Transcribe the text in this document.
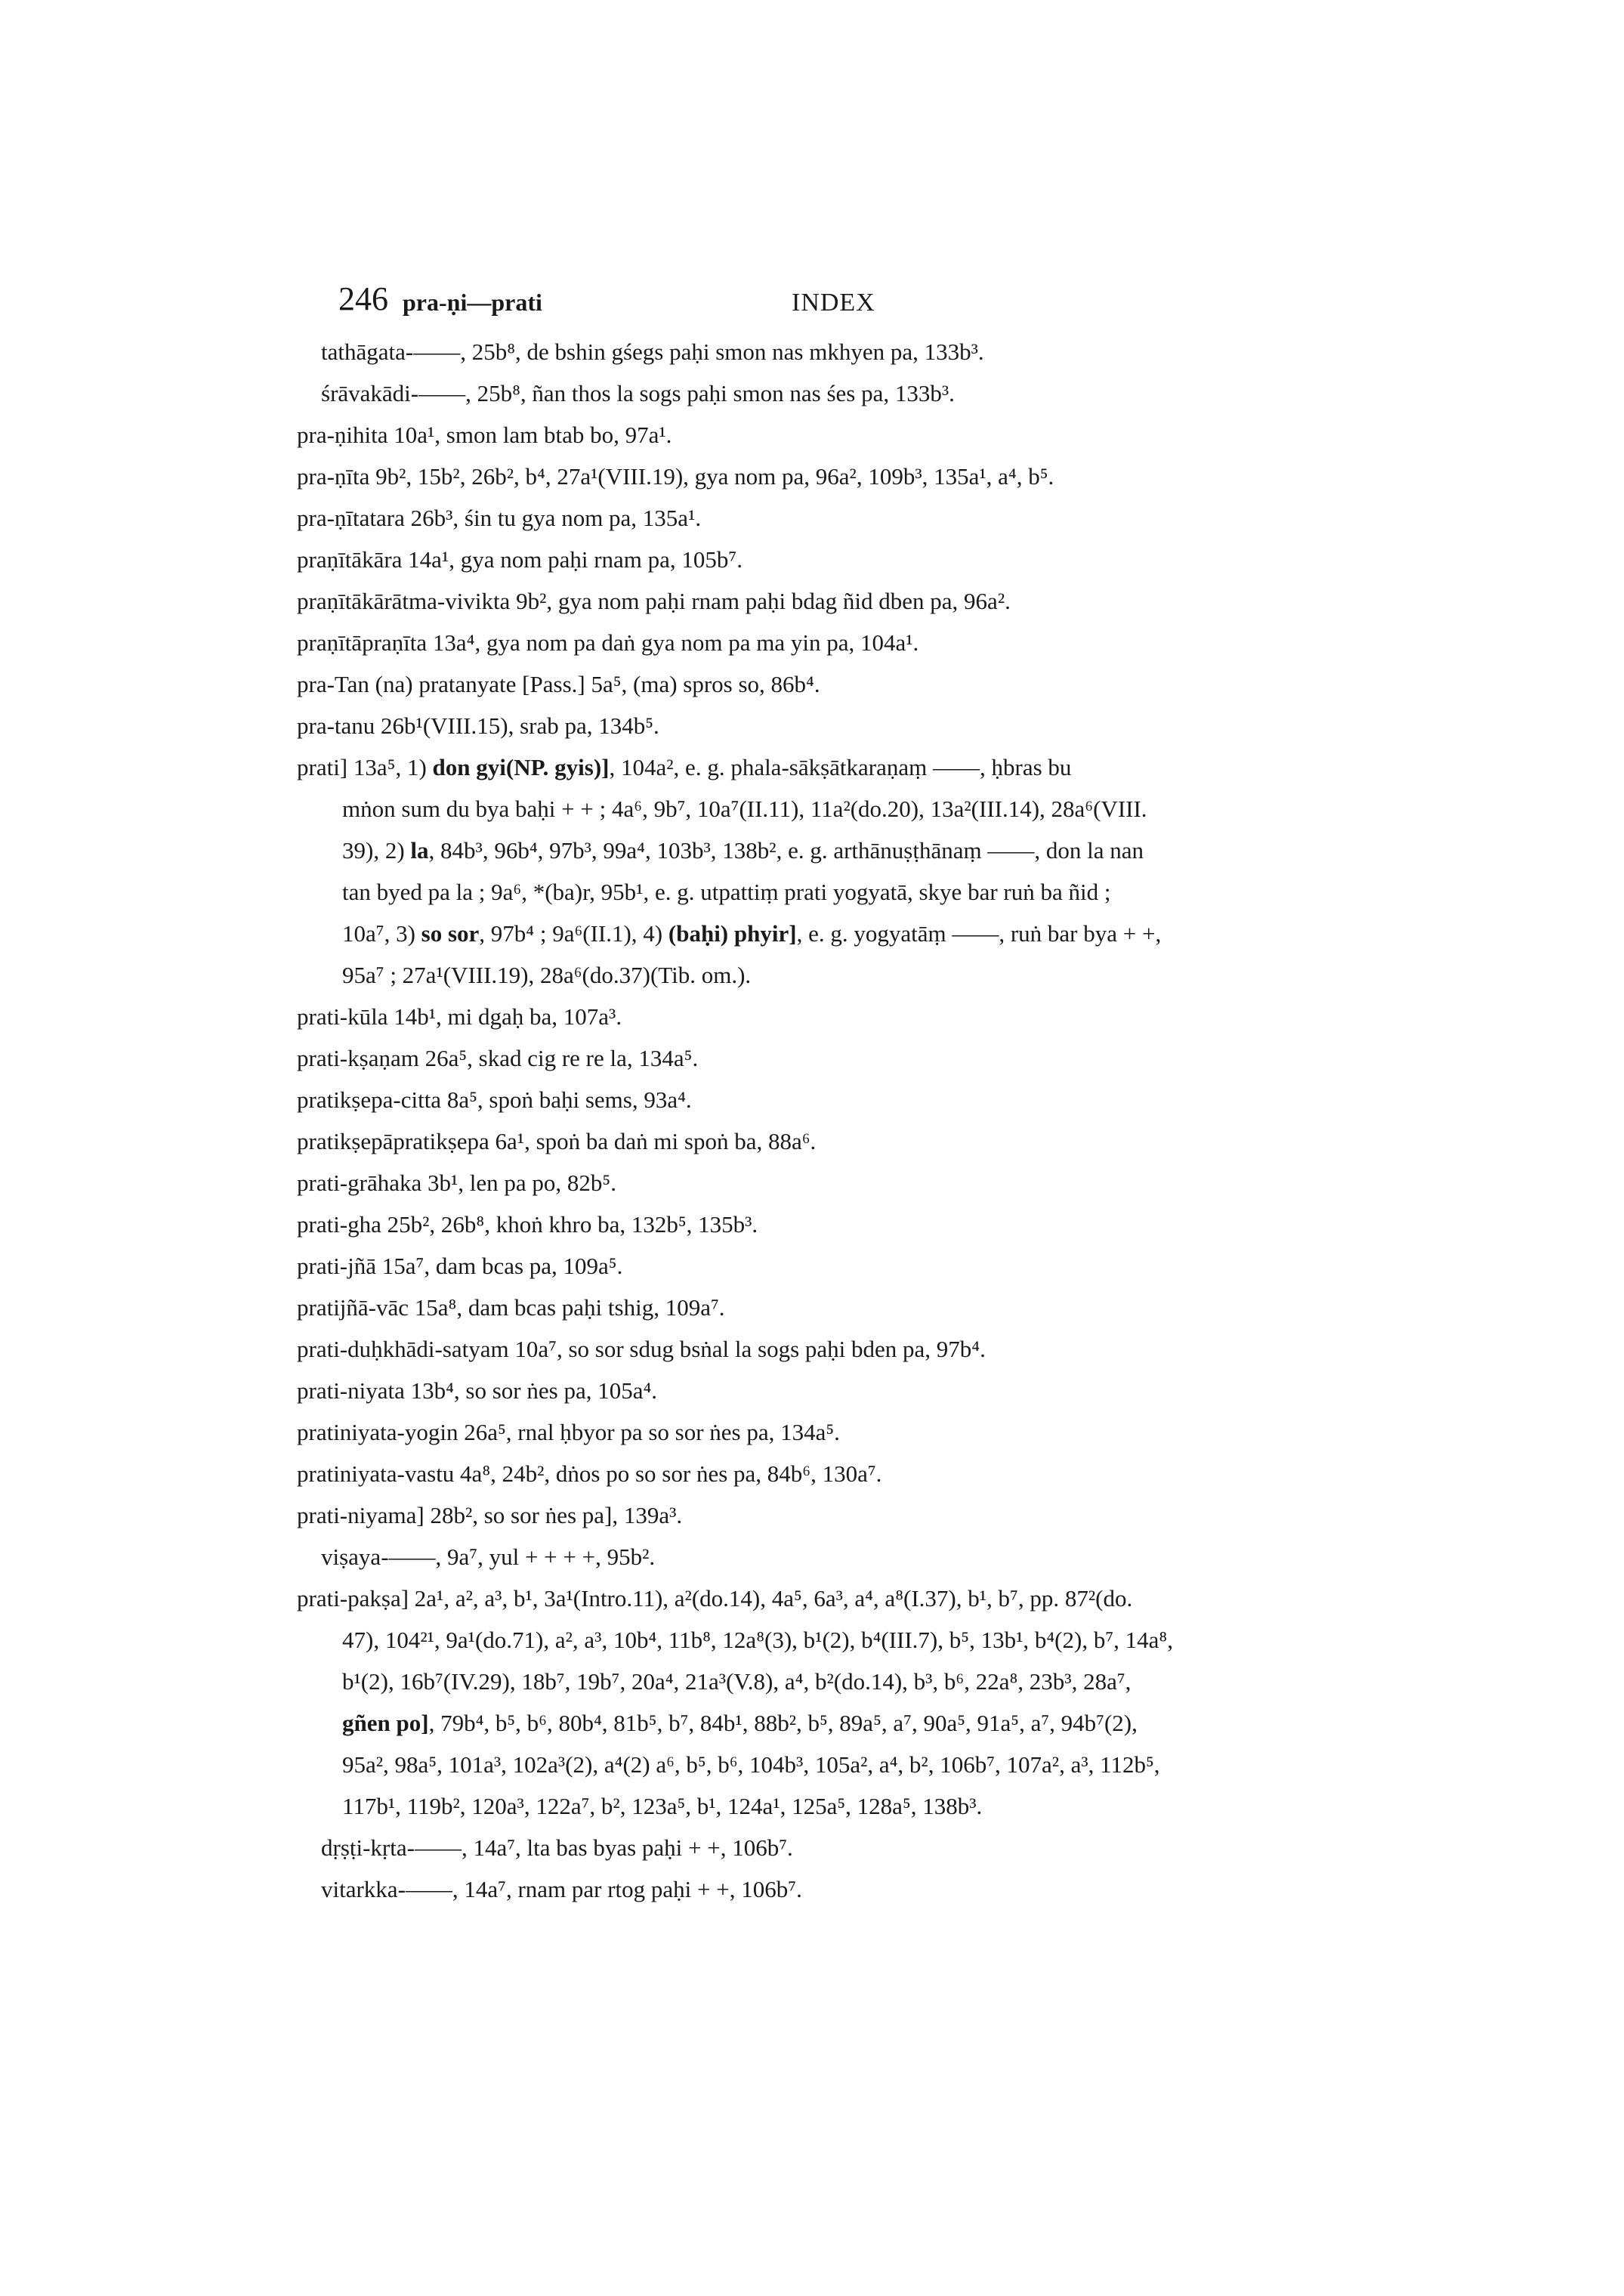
246 pra-ṇi—prati	INDEX
tathāgata-——, 25b⁸, de bshin gśegs paḥi smon nas mkhyen pa, 133b³.
śrāvakādi-——, 25b⁸, ñan thos la sogs paḥi smon nas śes pa, 133b³.
pra-ṇihita 10a¹, smon lam btab bo, 97a¹.
pra-ṇīta 9b², 15b², 26b², b⁴, 27a¹(VIII.19), gya nom pa, 96a², 109b³, 135a¹, a⁴, b⁵.
pra-ṇītatara 26b³, śin tu gya nom pa, 135a¹.
praṇītākāra 14a¹, gya nom paḥi rnam pa, 105b⁷.
praṇītākārātma-vivikta 9b², gya nom paḥi rnam paḥi bdag ñid dben pa, 96a².
praṇītāpraṇīta 13a⁴, gya nom pa daṅ gya nom pa ma yin pa, 104a¹.
pra-Tan (na) pratanyate [Pass.] 5a⁵, (ma) spros so, 86b⁴.
pra-tanu 26b¹(VIII.15), srab pa, 134b⁵.
prati] 13a⁵, 1) don gyi(NP. gyis)], 104a², e. g. phala-sākṣātkaraṇaṃ ——, ḥbras bu
mṅon sum du bya baḥi + + ; 4a⁶, 9b⁷, 10a⁷(II.11), 11a²(do.20), 13a²(III.14), 28a⁶(VIII.
39), 2) la, 84b³, 96b⁴, 97b³, 99a⁴, 103b³, 138b², e. g. arthānuṣṭhānaṃ ——, don la nan
tan byed pa la ; 9a⁶, *(ba)r, 95b¹, e. g. utpattiṃ prati yogyatā, skye bar ruṅ ba ñid ;
10a⁷, 3) so sor, 97b⁴ ; 9a⁶(II.1), 4) (baḥi) phyir], e. g. yogyatāṃ ——, ruṅ bar bya + +,
95a⁷ ; 27a¹(VIII.19), 28a⁶(do.37)(Tib. om.).
prati-kūla 14b¹, mi dgaḥ ba, 107a³.
prati-kṣaṇam 26a⁵, skad cig re re la, 134a⁵.
pratikṣepa-citta 8a⁵, spoṅ baḥi sems, 93a⁴.
pratikṣepāpratikṣepa 6a¹, spoṅ ba daṅ mi spoṅ ba, 88a⁶.
prati-grāhaka 3b¹, len pa po, 82b⁵.
prati-gha 25b², 26b⁸, khoṅ khro ba, 132b⁵, 135b³.
prati-jñā 15a⁷, dam bcas pa, 109a⁵.
pratijñā-vāc 15a⁸, dam bcas paḥi tshig, 109a⁷.
prati-duḥkhādi-satyam 10a⁷, so sor sdug bsṅal la sogs paḥi bden pa, 97b⁴.
prati-niyata 13b⁴, so sor ṅes pa, 105a⁴.
pratiniyata-yogin 26a⁵, rnal ḥbyor pa so sor ṅes pa, 134a⁵.
pratiniyata-vastu 4a⁸, 24b², dṅos po so sor ṅes pa, 84b⁶, 130a⁷.
prati-niyama] 28b², so sor ṅes pa], 139a³.
viṣaya-——, 9a⁷, yul + + + +, 95b².
prati-pakṣa] 2a¹, a², a³, b¹, 3a¹(Intro.11), a²(do.14), 4a⁵, 6a³, a⁴, a⁸(I.37), b¹, b⁷, pp. 87²(do.
47), 104²¹, 9a¹(do.71), a², a³, 10b⁴, 11b⁸, 12a⁸(3), b¹(2), b⁴(III.7), b⁵, 13b¹, b⁴(2), b⁷, 14a⁸,
b¹(2), 16b⁷(IV.29), 18b⁷, 19b⁷, 20a⁴, 21a³(V.8), a⁴, b²(do.14), b³, b⁶, 22a⁸, 23b³, 28a⁷,
gñen po], 79b⁴, b⁵, b⁶, 80b⁴, 81b⁵, b⁷, 84b¹, 88b², b⁵, 89a⁵, a⁷, 90a⁵, 91a⁵, a⁷, 94b⁷(2),
95a², 98a⁵, 101a³, 102a³(2), a⁴(2) a⁶, b⁵, b⁶, 104b³, 105a², a⁴, b², 106b⁷, 107a², a³, 112b⁵,
117b¹, 119b², 120a³, 122a⁷, b², 123a⁵, b¹, 124a¹, 125a⁵, 128a⁵, 138b³.
dṛṣṭi-kṛta-——, 14a⁷, lta bas byas paḥi + +, 106b⁷.
vitarkka-——, 14a⁷, rnam par rtog paḥi + +, 106b⁷.
